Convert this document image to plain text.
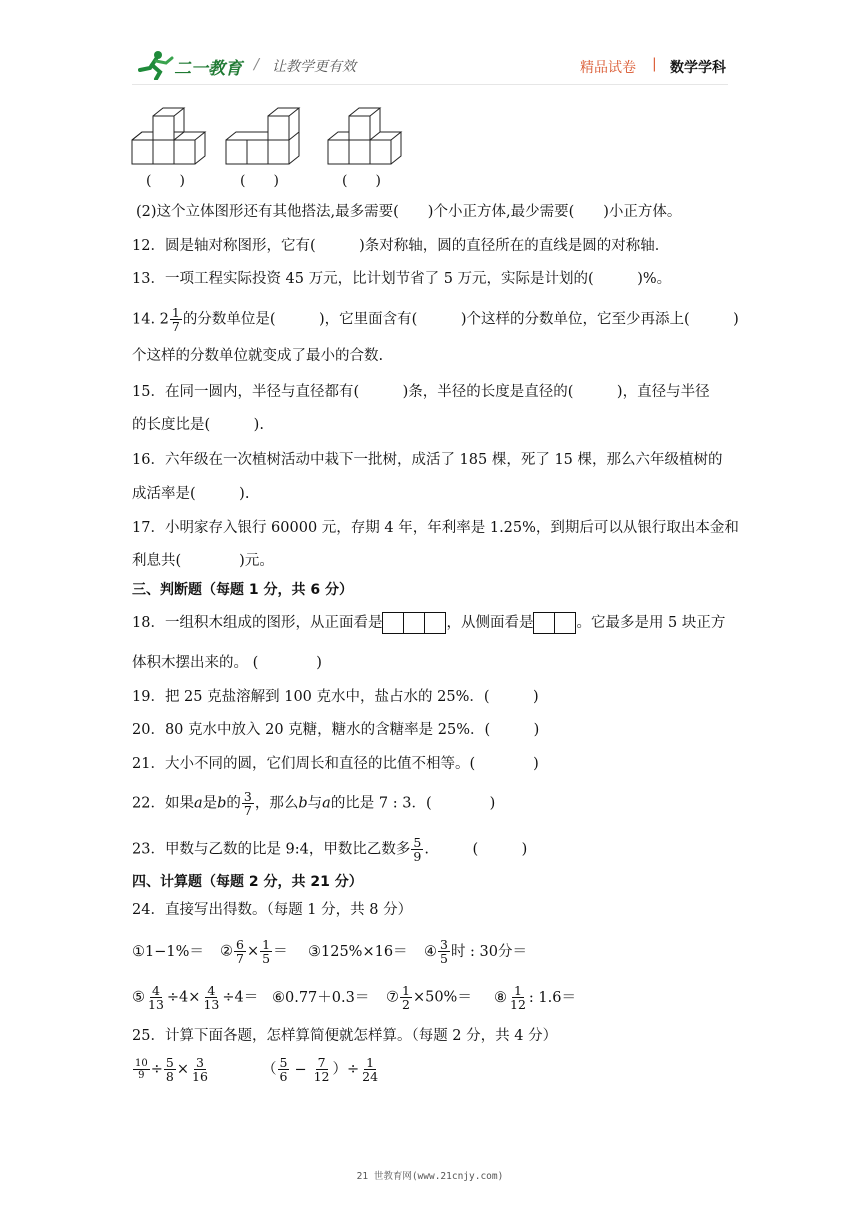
二一教育 / 让教学更有效	精品试卷 | 数学学科
(　　)	(　　)	(　　)
(2)这个立体图形还有其他搭法,最多需要(　　)个小正方体,最少需要(　　)小正方体。
12．圆是轴对称图形，它有(　　　)条对称轴，圆的直径所在的直线是圆的对称轴．
13．一项工程实际投资 45 万元，比计划节省了 5 万元，实际是计划的(　　　)%。
14. $2 \frac{1}{7}$ 的分数单位是(　　　)，它里面含有(　　　)个这样的分数单位，它至少再添上(　　　)
个这样的分数单位就变成了最小的合数.
15．在同一圆内，半径与直径都有(　　　)条，半径的长度是直径的(　　　)，直径与半径
的长度比是(　　　).
16．六年级在一次植树活动中栽下一批树，成活了 185 棵，死了 15 棵，那么六年级植树的
成活率是(　　　).
17．小明家存入银行 60000 元，存期 4 年，年利率是 1.25%，到期后可以从银行取出本金和
利息共(　　　　)元。
三、判断题（每题 1 分，共 6 分）
18．一组积木组成的图形，从正面看是	，从侧面看是	。它最多是用 5 块正方
体积木摆出来的。 (　　　　)
19．把 25 克盐溶解到 100 克水中，盐占水的 25%．(　　　)
20．80 克水中放入 20 克糖，糖水的含糖率是 25%．(　　　)
21．大小不同的圆，它们周长和直径的比值不相等。(　　　　)
22．如果a是b的 $\frac{3}{7}$ ，那么b与a的比是 7 : 3．(　　　　)
23．甲数与乙数的比是 9:4，甲数比乙数多 $\frac{5}{9}$ .　　　(　　　)
四、计算题（每题 2 分，共 21 分）
24．直接写出得数。（每题 1 分，共 8 分）
①1−1%＝ ② $\frac{6}{7} \times \frac{1}{5}$ ＝ ③125%×16＝ ④ $\frac{3}{5}$ 时 : 30分＝
⑤ $\frac{4}{13} \div 4\times \frac{4}{13} \div 4=$ ⑥0.77＋0.3＝ ⑦ $\frac{1}{2} \times 50\%=$ ⑧ $\frac{1}{12}$ : 1.6＝
25．计算下面各题，怎样算简便就怎样算。（每题 2 分，共 4 分）
$\frac{10}{9} \div \frac{5}{8} \times \frac{3}{16}$	（ $\frac{5}{6} - \frac{7}{12}$ ）÷ $\frac{1}{24}$
21 世教育网(www.21cnjy.com)
